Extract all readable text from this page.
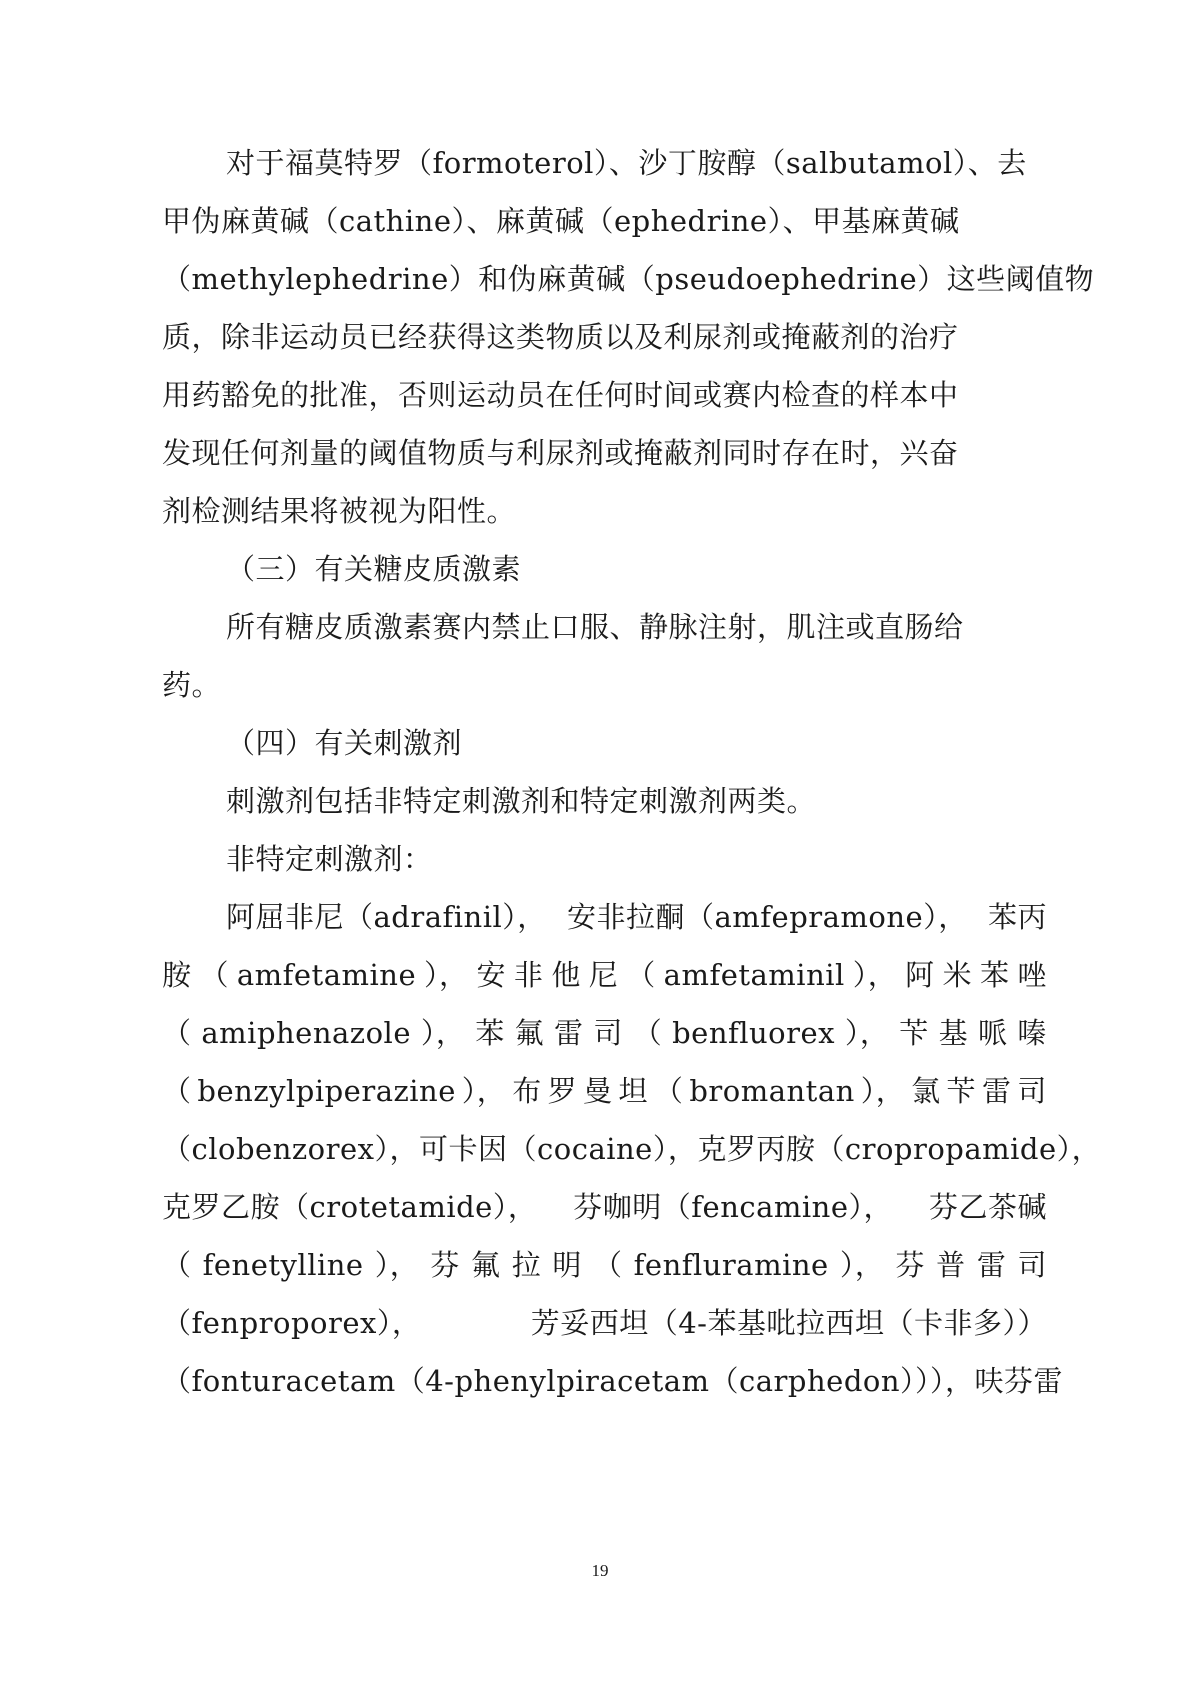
对于福莫特罗（formoterol）、沙丁胺醇（salbutamol）、去
甲伪麻黄碱（cathine）、麻黄碱（ephedrine）、甲基麻黄碱
（methylephedrine）和伪麻黄碱（pseudoephedrine）这些阈值物
质，除非运动员已经获得这类物质以及利尿剂或掩蔽剂的治疗
用药豁免的批准，否则运动员在任何时间或赛内检查的样本中
发现任何剂量的阈值物质与利尿剂或掩蔽剂同时存在时，兴奋
剂检测结果将被视为阳性。
（三）有关糖皮质激素
所有糖皮质激素赛内禁止口服、静脉注射，肌注或直肠给
药。
（四）有关刺激剂
刺激剂包括非特定刺激剂和特定刺激剂两类。
非特定刺激剂：
阿屈非尼（adrafinil）， 安非拉酮（amfepramone）， 苯丙
胺 （ amfetamine ）， 安 非 他 尼 （ amfetaminil ）， 阿 米 苯 唑
（ amiphenazole ）， 苯 氟 雷 司 （ benfluorex ）， 苄 基 哌 嗪
（ benzylpiperazine ）， 布 罗 曼 坦 （ bromantan ）， 氯 苄 雷 司
（clobenzorex）， 可卡因（cocaine）， 克罗丙胺（cropropamide），
克罗乙胺（crotetamide）， 芬咖明（fencamine）， 芬乙茶碱
（ fenetylline ）， 芬 氟 拉 明 （ fenfluramine ）， 芬 普 雷 司
（fenproporex），	芳妥西坦（4-苯基吡拉西坦（卡非多））
（fonturacetam（4-phenylpiracetam（carphedon）））， 呋芬雷
19
